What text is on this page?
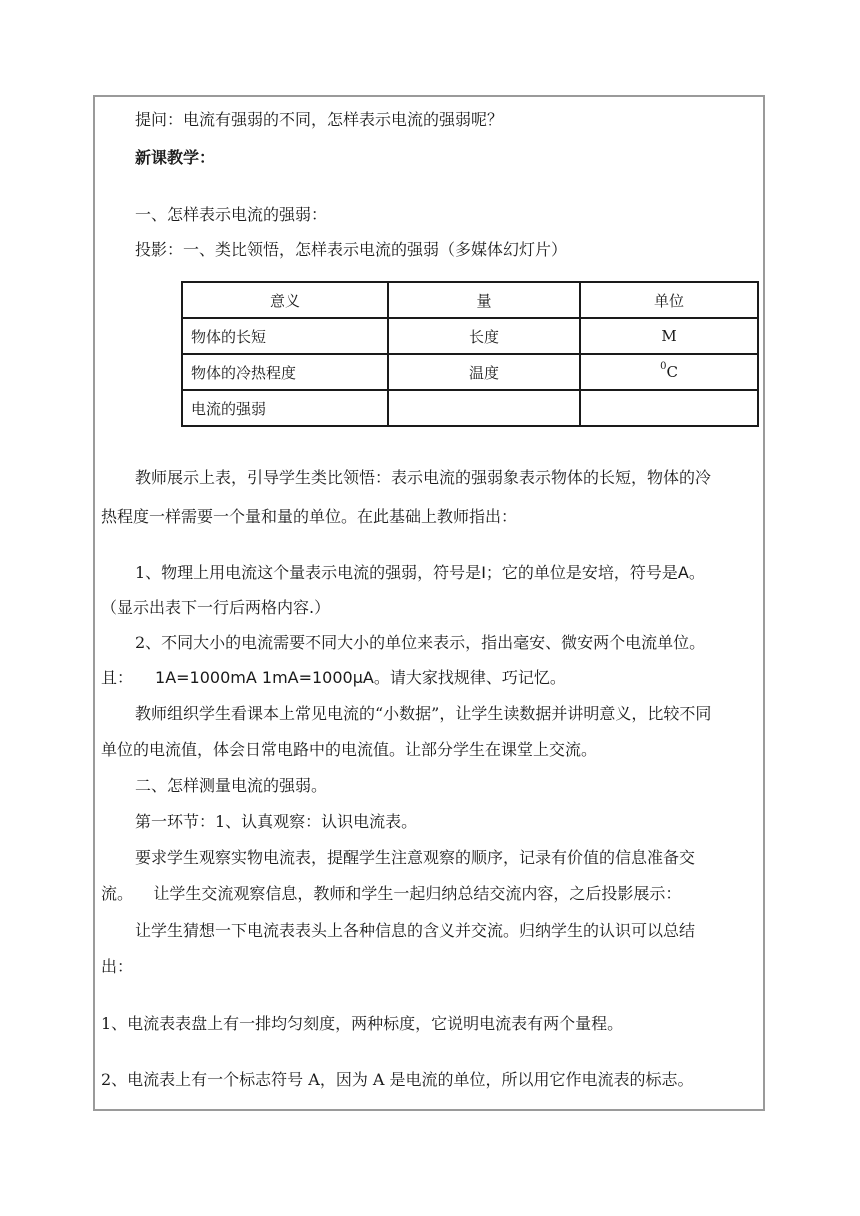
提问：电流有强弱的不同，怎样表示电流的强弱呢？
新课教学：
一、怎样表示电流的强弱：
投影：一、类比领悟，怎样表示电流的强弱（多媒体幻灯片）
意义	量	单位
物体的长短	长度	M
物体的冷热程度	温度	$^0$C
电流的强弱		
教师展示上表，引导学生类比领悟：表示电流的强弱象表示物体的长短，物体的冷
热程度一样需要一个量和量的单位。在此基础上教师指出：
1、物理上用电流这个量表示电流的强弱，符号是I；它的单位是安培，符号是A。
（显示出表下一行后两格内容.）
2、不同大小的电流需要不同大小的单位来表示，指出毫安、微安两个电流单位。
且： 1A=1000mA 1mA=1000μA。请大家找规律、巧记忆。
教师组织学生看课本上常见电流的“小数据”，让学生读数据并讲明意义，比较不同
单位的电流值，体会日常电路中的电流值。让部分学生在课堂上交流。
二、怎样测量电流的强弱。
第一环节：1、认真观察：认识电流表。
要求学生观察实物电流表，提醒学生注意观察的顺序，记录有价值的信息准备交
流。    让学生交流观察信息，教师和学生一起归纳总结交流内容，之后投影展示：
让学生猜想一下电流表表头上各种信息的含义并交流。归纳学生的认识可以总结
出：
1、电流表表盘上有一排均匀刻度，两种标度，它说明电流表有两个量程。
2、电流表上有一个标志符号 A，因为 A 是电流的单位，所以用它作电流表的标志。
